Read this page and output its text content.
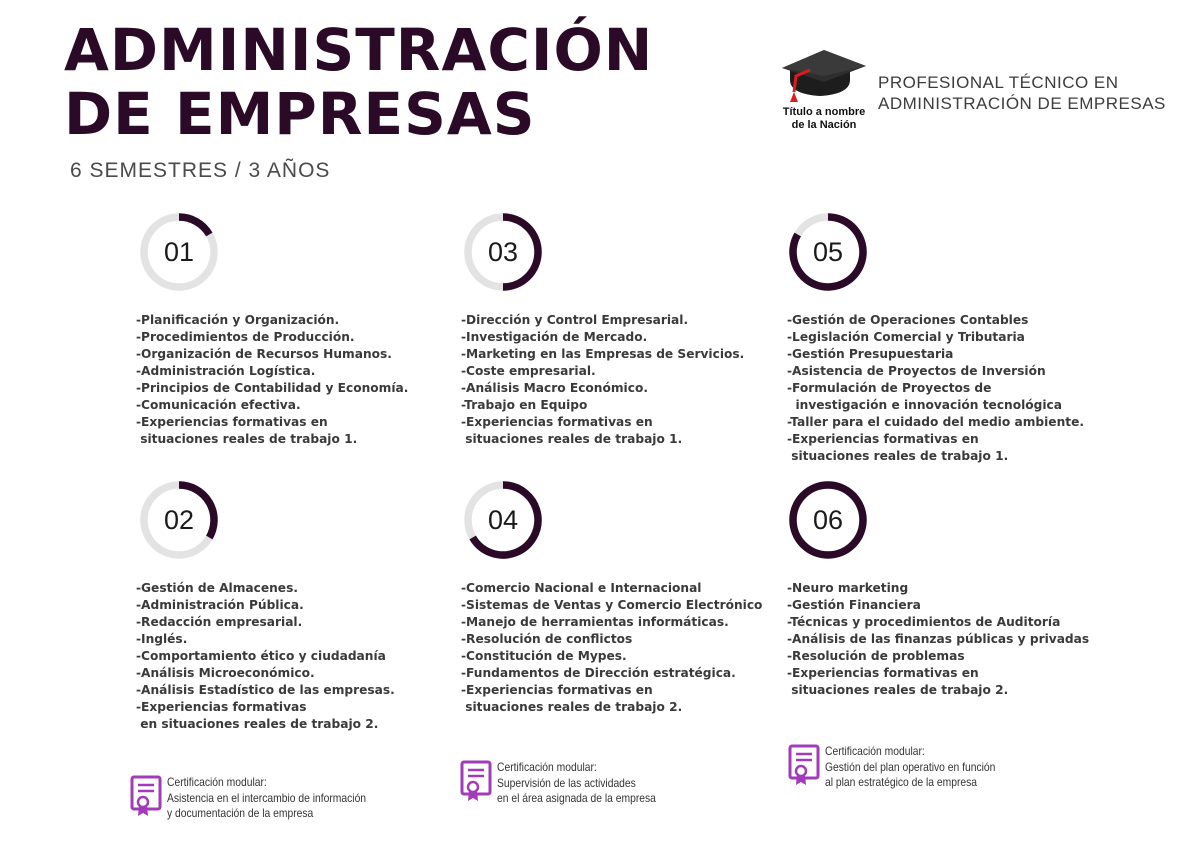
ADMINISTRACIÓN
DE EMPRESAS
6 SEMESTRES / 3 AÑOS
Título a nombre
de la Nación
PROFESIONAL TÉCNICO EN
ADMINISTRACIÓN DE EMPRESAS
01
-Planificación y Organización.
-Procedimientos de Producción.
-Organización de Recursos Humanos.
-Administración Logística.
-Principios de Contabilidad y Economía.
-Comunicación efectiva.
-Experiencias formativas en
situaciones reales de trabajo 1.
02
-Gestión de Almacenes.
-Administración Pública.
-Redacción empresarial.
-Inglés.
-Comportamiento ético y ciudadanía
-Análisis Microeconómico.
-Análisis Estadístico de las empresas.
-Experiencias formativas
en situaciones reales de trabajo 2.
03
-Dirección y Control Empresarial.
-Investigación de Mercado.
-Marketing en las Empresas de Servicios.
-Coste empresarial.
-Análisis Macro Económico.
-Trabajo en Equipo
-Experiencias formativas en
situaciones reales de trabajo 1.
04
-Comercio Nacional e Internacional
-Sistemas de Ventas y Comercio Electrónico
-Manejo de herramientas informáticas.
-Resolución de conflictos
-Constitución de Mypes.
-Fundamentos de Dirección estratégica.
-Experiencias formativas en
situaciones reales de trabajo 2.
05
-Gestión de Operaciones Contables
-Legislación Comercial y Tributaria
-Gestión Presupuestaria
-Asistencia de Proyectos de Inversión
-Formulación de Proyectos de
investigación e innovación tecnológica
-Taller para el cuidado del medio ambiente.
-Experiencias formativas en
situaciones reales de trabajo 1.
06
-Neuro marketing
-Gestión Financiera
-Técnicas y procedimientos de Auditoría
-Análisis de las finanzas públicas y privadas
-Resolución de problemas
-Experiencias formativas en
situaciones reales de trabajo 2.
Certificación modular:
Asistencia en el intercambio de información
y documentación de la empresa
Certificación modular:
Supervisión de las actividades
en el área asignada de la empresa
Certificación modular:
Gestión del plan operativo en función
al plan estratégico de la empresa
